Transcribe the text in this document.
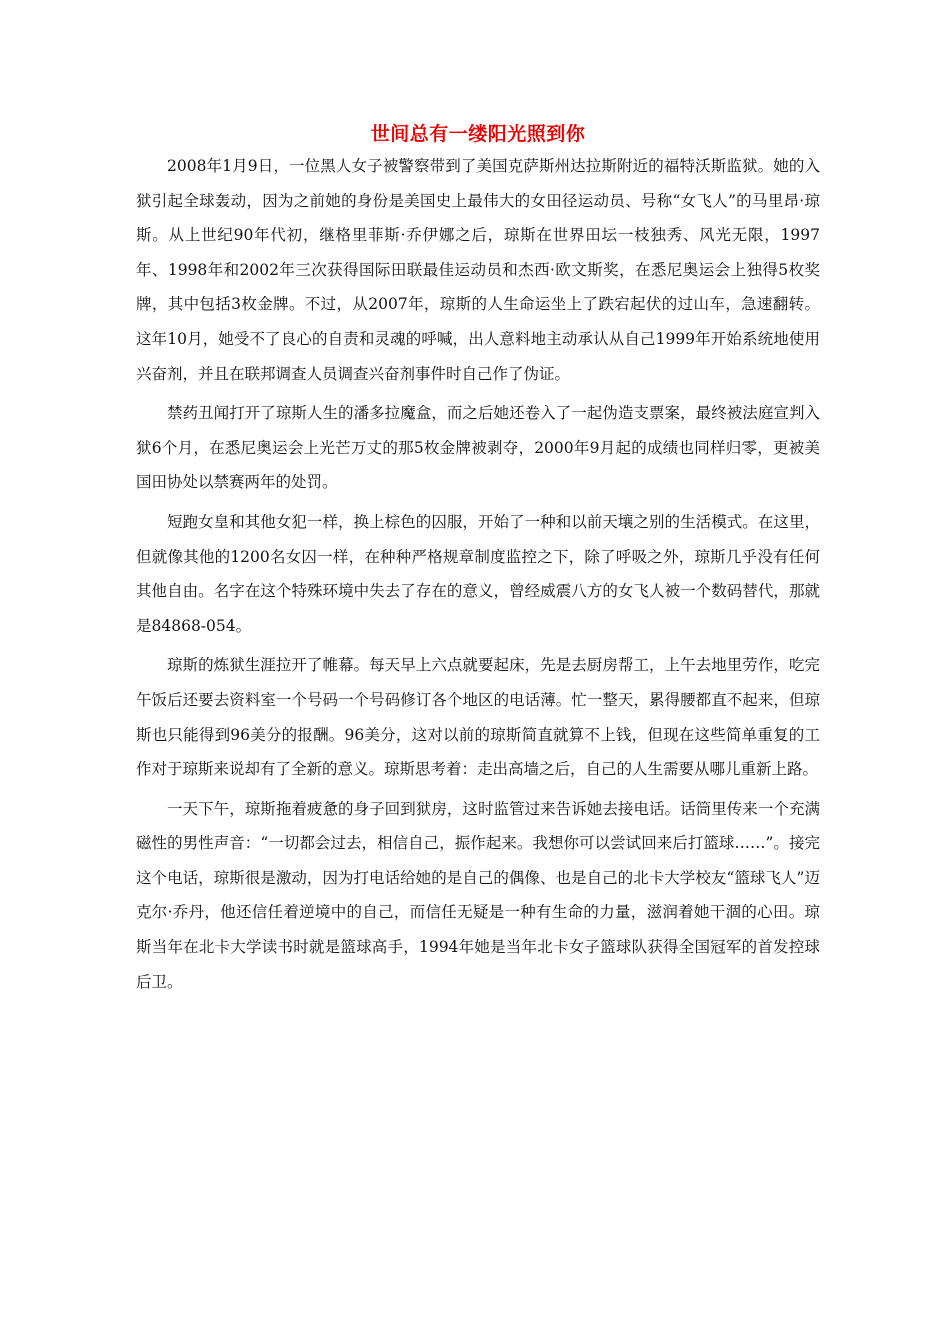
世间总有一缕阳光照到你

2008年1月9日，一位黑人女子被警察带到了美国克萨斯州达拉斯附近的福特沃斯监狱。她的入狱引起全球轰动，因为之前她的身份是美国史上最伟大的女田径运动员、号称“女飞人”的马里昂·琼斯。从上世纪90年代初，继格里菲斯·乔伊娜之后，琼斯在世界田坛一枝独秀、风光无限，1997年、1998年和2002年三次获得国际田联最佳运动员和杰西·欧文斯奖，在悉尼奥运会上独得5枚奖牌，其中包括3枚金牌。不过，从2007年，琼斯的人生命运坐上了跌宕起伏的过山车，急速翻转。这年10月，她受不了良心的自责和灵魂的呼喊，出人意料地主动承认从自己1999年开始系统地使用兴奋剂，并且在联邦调查人员调查兴奋剂事件时自己作了伪证。

禁药丑闻打开了琼斯人生的潘多拉魔盒，而之后她还卷入了一起伪造支票案，最终被法庭宣判入狱6个月，在悉尼奥运会上光芒万丈的那5枚金牌被剥夺，2000年9月起的成绩也同样归零，更被美国田协处以禁赛两年的处罚。

短跑女皇和其他女犯一样，换上棕色的囚服，开始了一种和以前天壤之别的生活模式。在这里，但就像其他的1200名女囚一样，在种种严格规章制度监控之下，除了呼吸之外，琼斯几乎没有任何其他自由。名字在这个特殊环境中失去了存在的意义，曾经威震八方的女飞人被一个数码替代，那就是84868-054。

琼斯的炼狱生涯拉开了帷幕。每天早上六点就要起床，先是去厨房帮工，上午去地里劳作，吃完午饭后还要去资料室一个号码一个号码修订各个地区的电话薄。忙一整天，累得腰都直不起来，但琼斯也只能得到96美分的报酬。96美分，这对以前的琼斯简直就算不上钱，但现在这些简单重复的工作对于琼斯来说却有了全新的意义。琼斯思考着：走出高墙之后，自己的人生需要从哪儿重新上路。

一天下午，琼斯拖着疲惫的身子回到狱房，这时监管过来告诉她去接电话。话筒里传来一个充满磁性的男性声音：“一切都会过去，相信自己，振作起来。我想你可以尝试回来后打篮球……”。接完这个电话，琼斯很是激动，因为打电话给她的是自己的偶像、也是自己的北卡大学校友“篮球飞人”迈克尔·乔丹，他还信任着逆境中的自己，而信任无疑是一种有生命的力量，滋润着她干涸的心田。琼斯当年在北卡大学读书时就是篮球高手，1994年她是当年北卡女子篮球队获得全国冠军的首发控球后卫。
